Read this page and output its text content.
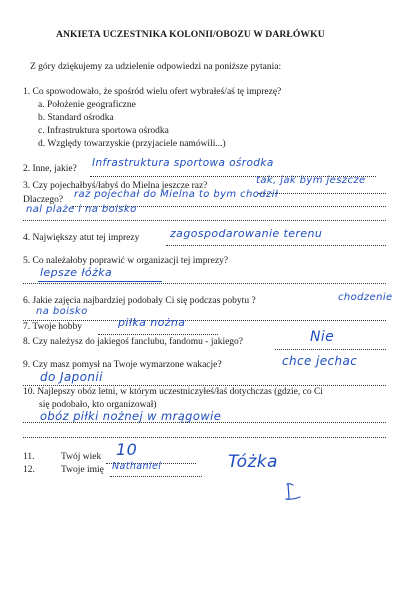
ANKIETA UCZESTNIKA KOLONII/OBOZU W DARŁÓWKU
Z góry dziękujemy za udzielenie odpowiedzi na poniższe pytania:
1. Co spowodowało, że spośród wielu ofert wybrałeś/aś tę imprezę?
a. Położenie geograficzne
b. Standard ośrodka
c. Infrastruktura sportowa ośrodka
d. Względy towarzyskie (przyjaciele namówili...)
2. Inne, jakie? Infrastruktura sportowa ośrodka
3. Czy pojechałbyś/łabyś do Mielna jeszcze raz?	tak, jak bym jeszcze
Dlaczego? raz pojechał do Mielna to bym chodził
nal plaże i na boisko
4. Największy atut tej imprezy	zagospodarowanie terenu
5. Co należałoby poprawić w organizacji tej imprezy?
lepsze łóżka
6. Jakie zajęcia najbardziej podobały Ci się podczas pobytu ?	chodzenie
na boisko
7. Twoje hobby	piłka nożna
8. Czy należysz do jakiegoś fanclubu, fandomu - jakiego?	Nie
9. Czy masz pomysł na Twoje wymarzone wakacje?	chce jechac
do Japonii
10. Najlepszy obóz letni, w którym uczestniczyłeś/łaś dotychczas (gdzie, co Ci
się podobało, kto organizował)
obóz piłki nożnej w mrągowie
11.	Twój wiek 10
12.	Twoje imię Nathaniel	Tóżka
